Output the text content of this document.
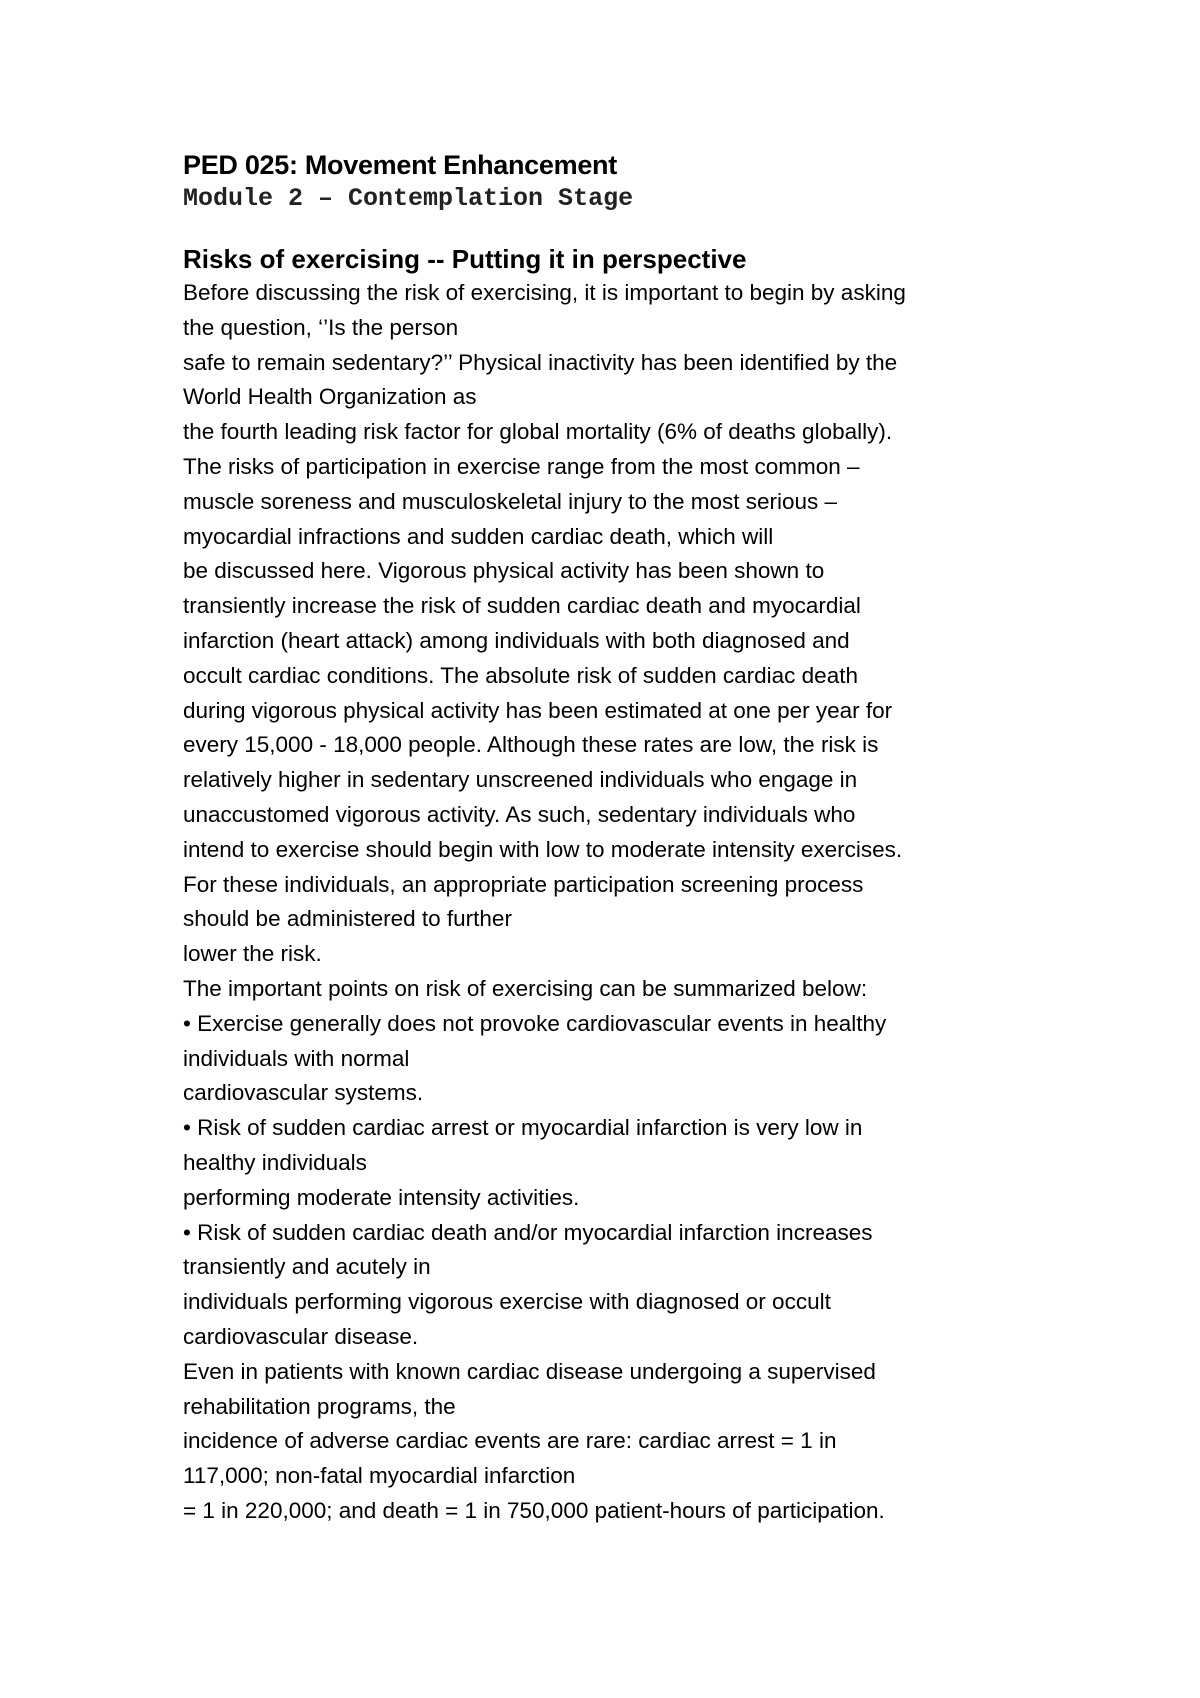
PED 025: Movement Enhancement
Module 2 – Contemplation Stage
Risks of exercising -- Putting it in perspective
Before discussing the risk of exercising, it is important to begin by asking
the question, ‘’Is the person
safe to remain sedentary?’’ Physical inactivity has been identified by the
World Health Organization as
the fourth leading risk factor for global mortality (6% of deaths globally).
The risks of participation in exercise range from the most common –
muscle soreness and musculoskeletal injury to the most serious –
myocardial infractions and sudden cardiac death, which will
be discussed here. Vigorous physical activity has been shown to
transiently increase the risk of sudden cardiac death and myocardial
infarction (heart attack) among individuals with both diagnosed and
occult cardiac conditions. The absolute risk of sudden cardiac death
during vigorous physical activity has been estimated at one per year for
every 15,000 - 18,000 people. Although these rates are low, the risk is
relatively higher in sedentary unscreened individuals who engage in
unaccustomed vigorous activity. As such, sedentary individuals who
intend to exercise should begin with low to moderate intensity exercises.
For these individuals, an appropriate participation screening process
should be administered to further
lower the risk.
The important points on risk of exercising can be summarized below:
• Exercise generally does not provoke cardiovascular events in healthy
individuals with normal
cardiovascular systems.
• Risk of sudden cardiac arrest or myocardial infarction is very low in
healthy individuals
performing moderate intensity activities.
• Risk of sudden cardiac death and/or myocardial infarction increases
transiently and acutely in
individuals performing vigorous exercise with diagnosed or occult
cardiovascular disease.
Even in patients with known cardiac disease undergoing a supervised
rehabilitation programs, the
incidence of adverse cardiac events are rare: cardiac arrest = 1 in
117,000; non-fatal myocardial infarction
= 1 in 220,000; and death = 1 in 750,000 patient-hours of participation.
